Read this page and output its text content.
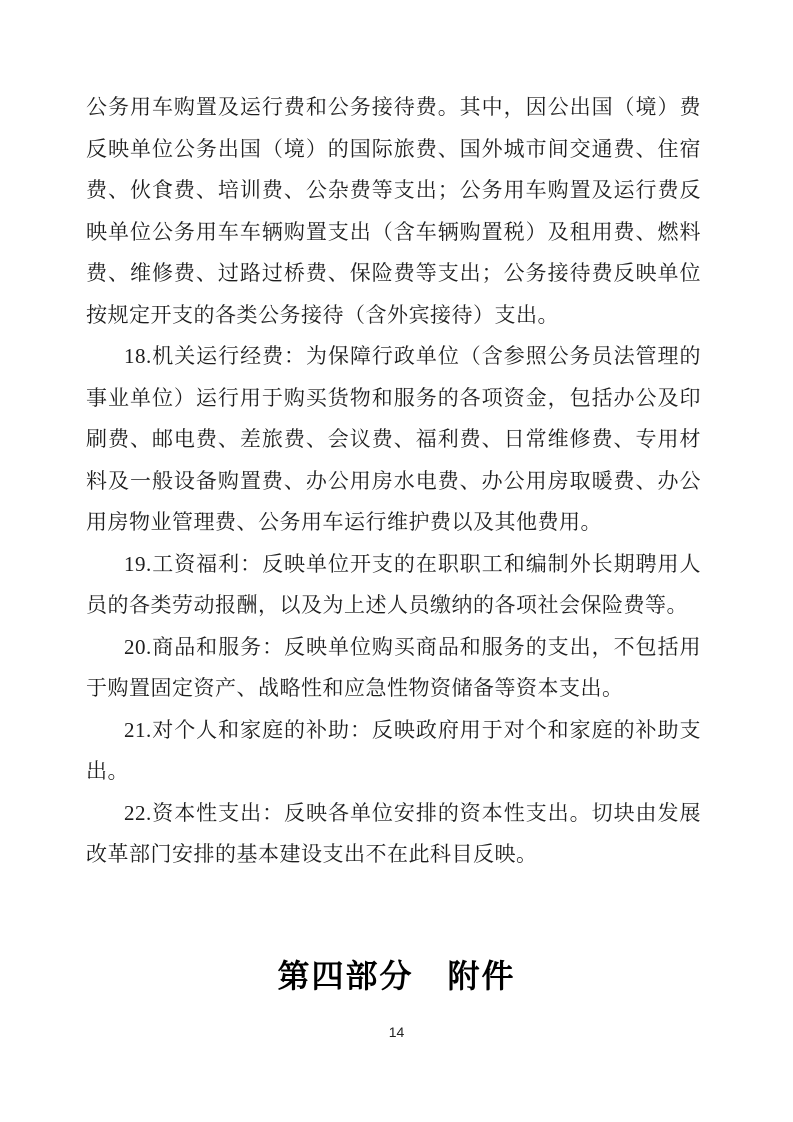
公务用车购置及运行费和公务接待费。其中，因公出国（境）费
反映单位公务出国（境）的国际旅费、国外城市间交通费、住宿
费、伙食费、培训费、公杂费等支出；公务用车购置及运行费反
映单位公务用车车辆购置支出（含车辆购置税）及租用费、燃料
费、维修费、过路过桥费、保险费等支出；公务接待费反映单位
按规定开支的各类公务接待（含外宾接待）支出。
18.机关运行经费：为保障行政单位（含参照公务员法管理的
事业单位）运行用于购买货物和服务的各项资金，包括办公及印
刷费、邮电费、差旅费、会议费、福利费、日常维修费、专用材
料及一般设备购置费、办公用房水电费、办公用房取暖费、办公
用房物业管理费、公务用车运行维护费以及其他费用。
19.工资福利：反映单位开支的在职职工和编制外长期聘用人
员的各类劳动报酬，以及为上述人员缴纳的各项社会保险费等。
20.商品和服务：反映单位购买商品和服务的支出，不包括用
于购置固定资产、战略性和应急性物资储备等资本支出。
21.对个人和家庭的补助：反映政府用于对个和家庭的补助支
出。
22.资本性支出：反映各单位安排的资本性支出。切块由发展
改革部门安排的基本建设支出不在此科目反映。
第四部分　附件
14
